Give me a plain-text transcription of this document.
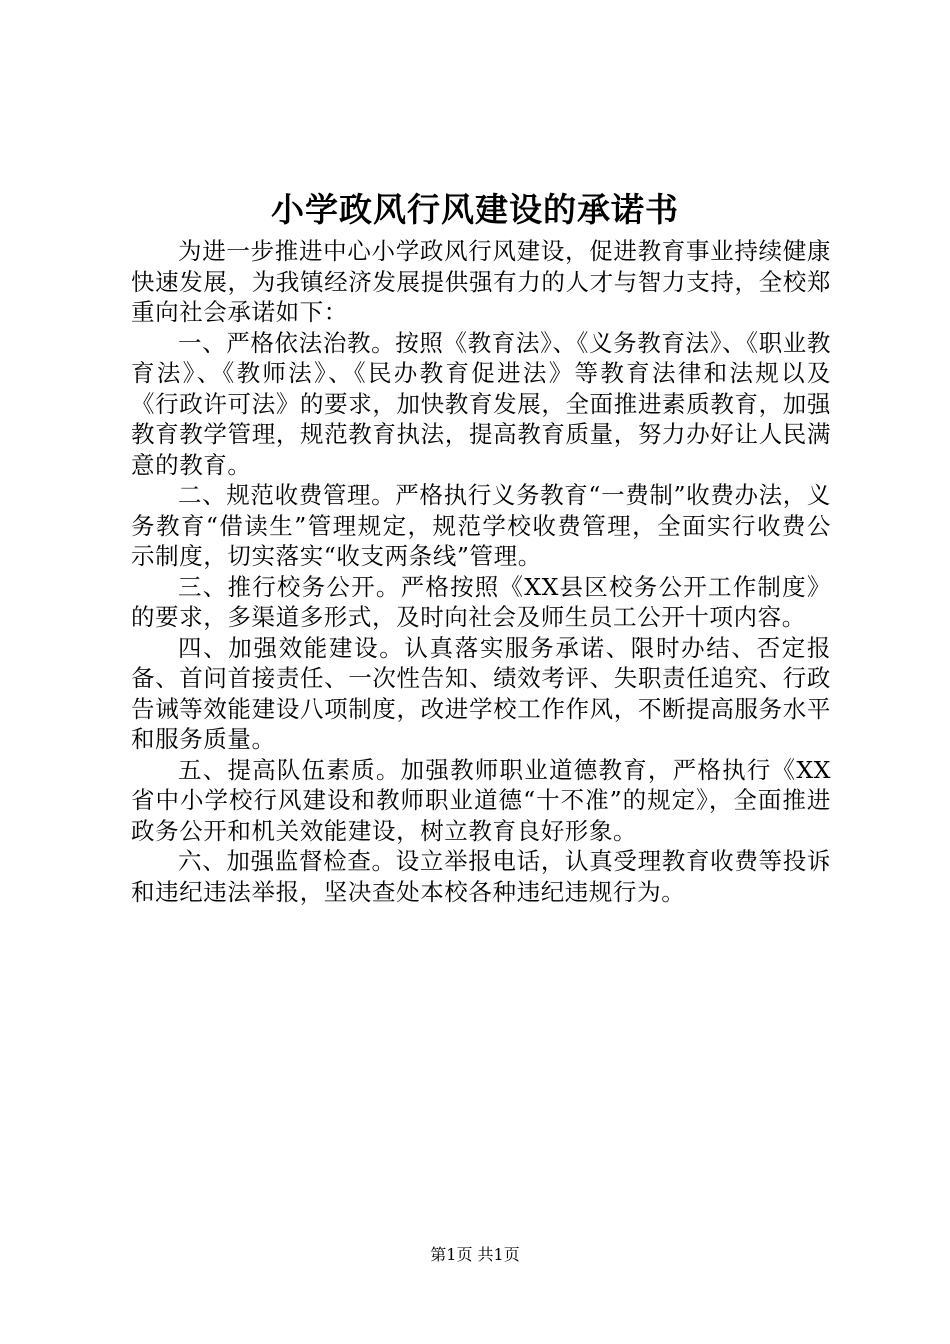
小学政风行风建设的承诺书

为进一步推进中心小学政风行风建设，促进教育事业持续健康快速发展，为我镇经济发展提供强有力的人才与智力支持，全校郑重向社会承诺如下：

一、严格依法治教。按照《教育法》、《义务教育法》、《职业教育法》、《教师法》、《民办教育促进法》等教育法律和法规以及《行政许可法》的要求，加快教育发展，全面推进素质教育，加强教育教学管理，规范教育执法，提高教育质量，努力办好让人民满意的教育。

二、规范收费管理。严格执行义务教育“一费制”收费办法，义务教育“借读生”管理规定，规范学校收费管理，全面实行收费公示制度，切实落实“收支两条线”管理。

三、推行校务公开。严格按照《XX县区校务公开工作制度》的要求，多渠道多形式，及时向社会及师生员工公开十项内容。

四、加强效能建设。认真落实服务承诺、限时办结、否定报备、首问首接责任、一次性告知、绩效考评、失职责任追究、行政告诫等效能建设八项制度，改进学校工作作风，不断提高服务水平和服务质量。

五、提高队伍素质。加强教师职业道德教育，严格执行《XX省中小学校行风建设和教师职业道德“十不准”的规定》，全面推进政务公开和机关效能建设，树立教育良好形象。

六、加强监督检查。设立举报电话，认真受理教育收费等投诉和违纪违法举报，坚决查处本校各种违纪违规行为。

第1页 共1页
